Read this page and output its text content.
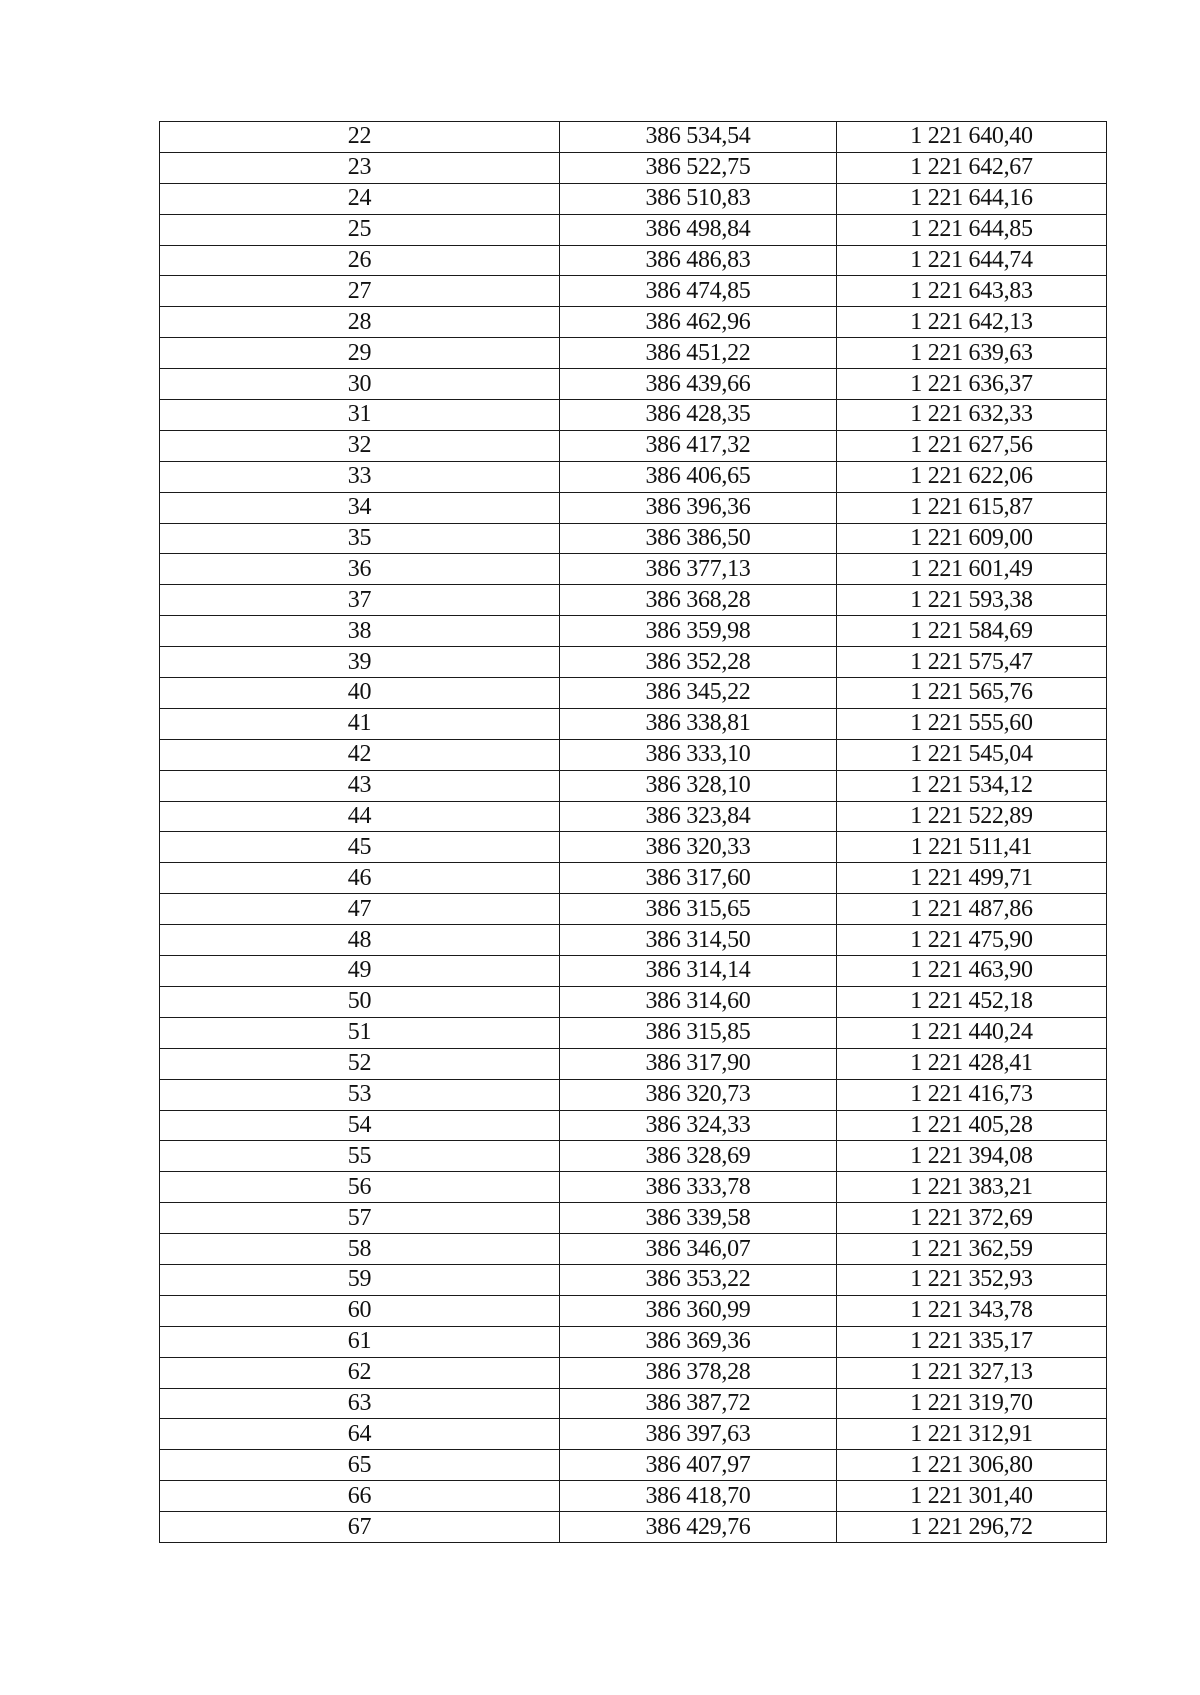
22	386 534,54	1 221 640,40
23	386 522,75	1 221 642,67
24	386 510,83	1 221 644,16
25	386 498,84	1 221 644,85
26	386 486,83	1 221 644,74
27	386 474,85	1 221 643,83
28	386 462,96	1 221 642,13
29	386 451,22	1 221 639,63
30	386 439,66	1 221 636,37
31	386 428,35	1 221 632,33
32	386 417,32	1 221 627,56
33	386 406,65	1 221 622,06
34	386 396,36	1 221 615,87
35	386 386,50	1 221 609,00
36	386 377,13	1 221 601,49
37	386 368,28	1 221 593,38
38	386 359,98	1 221 584,69
39	386 352,28	1 221 575,47
40	386 345,22	1 221 565,76
41	386 338,81	1 221 555,60
42	386 333,10	1 221 545,04
43	386 328,10	1 221 534,12
44	386 323,84	1 221 522,89
45	386 320,33	1 221 511,41
46	386 317,60	1 221 499,71
47	386 315,65	1 221 487,86
48	386 314,50	1 221 475,90
49	386 314,14	1 221 463,90
50	386 314,60	1 221 452,18
51	386 315,85	1 221 440,24
52	386 317,90	1 221 428,41
53	386 320,73	1 221 416,73
54	386 324,33	1 221 405,28
55	386 328,69	1 221 394,08
56	386 333,78	1 221 383,21
57	386 339,58	1 221 372,69
58	386 346,07	1 221 362,59
59	386 353,22	1 221 352,93
60	386 360,99	1 221 343,78
61	386 369,36	1 221 335,17
62	386 378,28	1 221 327,13
63	386 387,72	1 221 319,70
64	386 397,63	1 221 312,91
65	386 407,97	1 221 306,80
66	386 418,70	1 221 301,40
67	386 429,76	1 221 296,72
